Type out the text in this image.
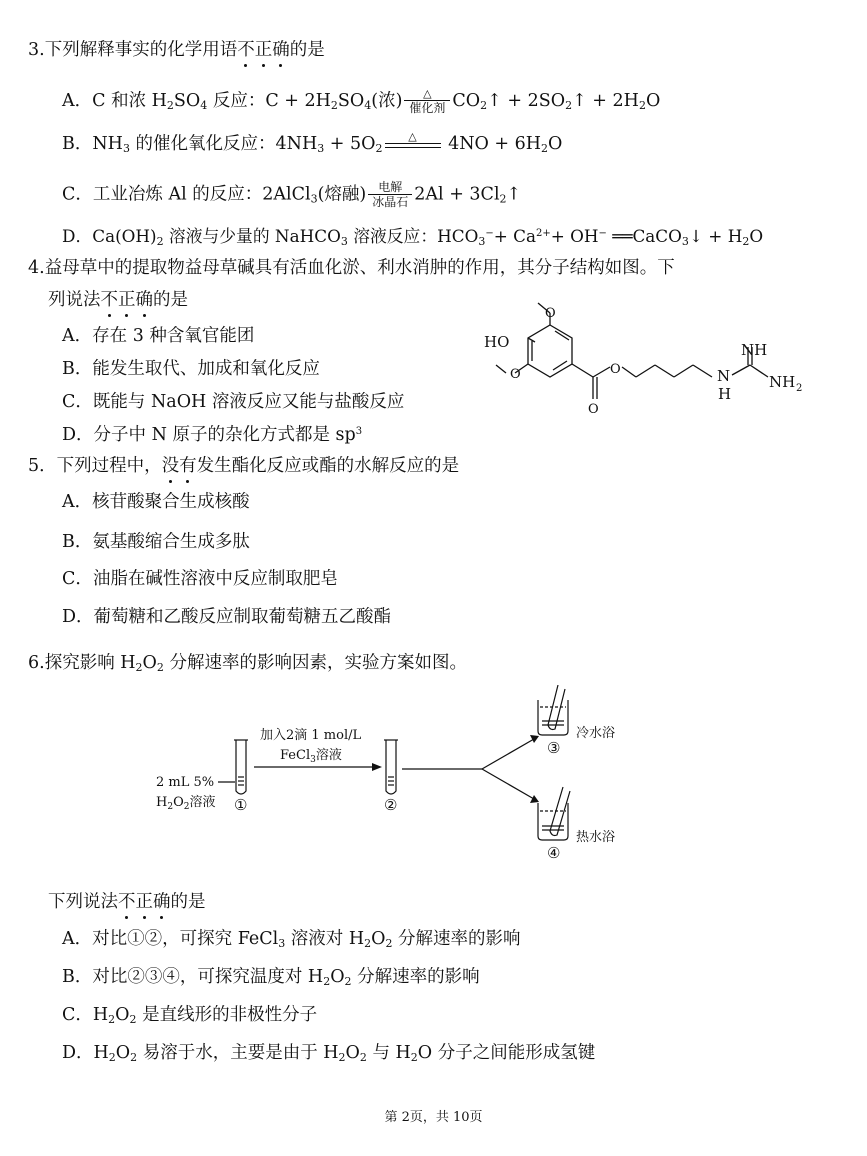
3.下列解释事实的化学用语不正确的是
A．C 和浓 $H_2SO_4$ 反应：$C + 2H_2SO_4$(浓)	△
催化剂 $CO_2↑$ + $2SO_2↑ + 2H_2O$
B．$NH_3$ 的催化氧化反应：$4NH_3 + 5O_2$
△	$4NO + 6H_2O$
C．工业冶炼 Al 的反应：2AlCl$_3$(熔融) 电解
冰晶石 $2Al + 3Cl_2↑$
D．$Ca(OH)_2$ 溶液与少量的 NaHCO$_3$ 溶液反应：$HCO_3^-+ Ca^{2+}+ OH^-$ ══CaCO$_3$↓ + $H_2O$
4.益母草中的提取物益母草碱具有活血化淤、利水消肿的作用，其分子结构如图。下
列说法不正确的是
A．存在 3 种含氧官能团
B．能发生取代、加成和氧化反应
C．既能与 NaOH 溶液反应又能与盐酸反应
D．分子中 N 原子的杂化方式都是 $sp^3$
O
O	O
O
HO	NH
N
H
NH 2
5．下列过程中，没有发生酯化反应或酯的水解反应的是
A．核苷酸聚合生成核酸
B．氨基酸缩合生成多肽
C．油脂在碱性溶液中反应制取肥皂
D．葡萄糖和乙酸反应制取葡萄糖五乙酸酯
6.探究影响 $H_2O_2$ 分解速率的影响因素，实验方案如图。
加入2滴 1 mol/L
FeCl$_3$溶液
2 mL 5%
$H_2O_2$溶液 ①	②
③
④
冷水浴
热水浴
下列说法不正确的是
A．对比①②，可探究 FeCl$_3$ 溶液对 $H_2O_2$ 分解速率的影响
B．对比②③④，可探究温度对 $H_2O_2$ 分解速率的影响
C．$H_2O_2$ 是直线形的非极性分子
D．$H_2O_2$ 易溶于水，主要是由于 $H_2O_2$ 与 $H_2O$ 分子之间能形成氢键
第 2页，共 10页
